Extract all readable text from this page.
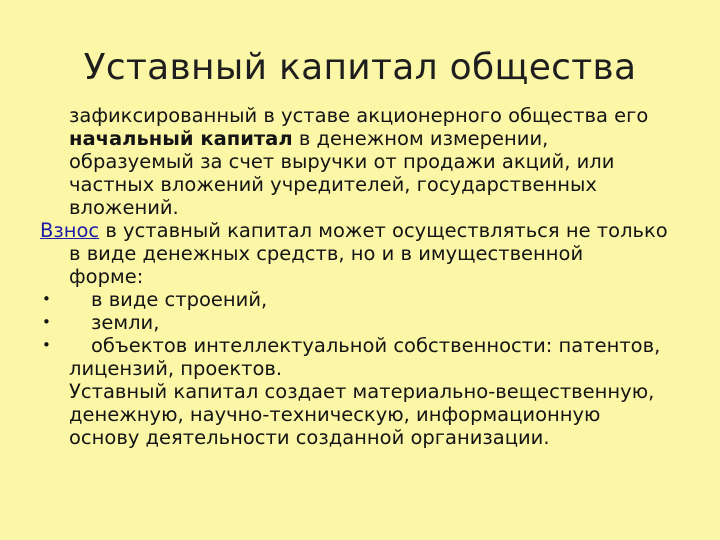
Уставный капитал общества
зафиксированный в уставе акционерного общества его
начальный капитал в денежном измерении,
образуемый за счет выручки от продажи акций, или
частных вложений учредителей, государственных
вложений.
Взнос в уставный капитал может осуществляться не только
в виде денежных средств, но и в имущественной
форме:
•	в виде строений,
•	земли,
•	объектов интеллектуальной собственности: патентов,
лицензий, проектов.
Уставный капитал создает материально-вещественную,
денежную, научно-техническую, информационную
основу деятельности созданной организации.
